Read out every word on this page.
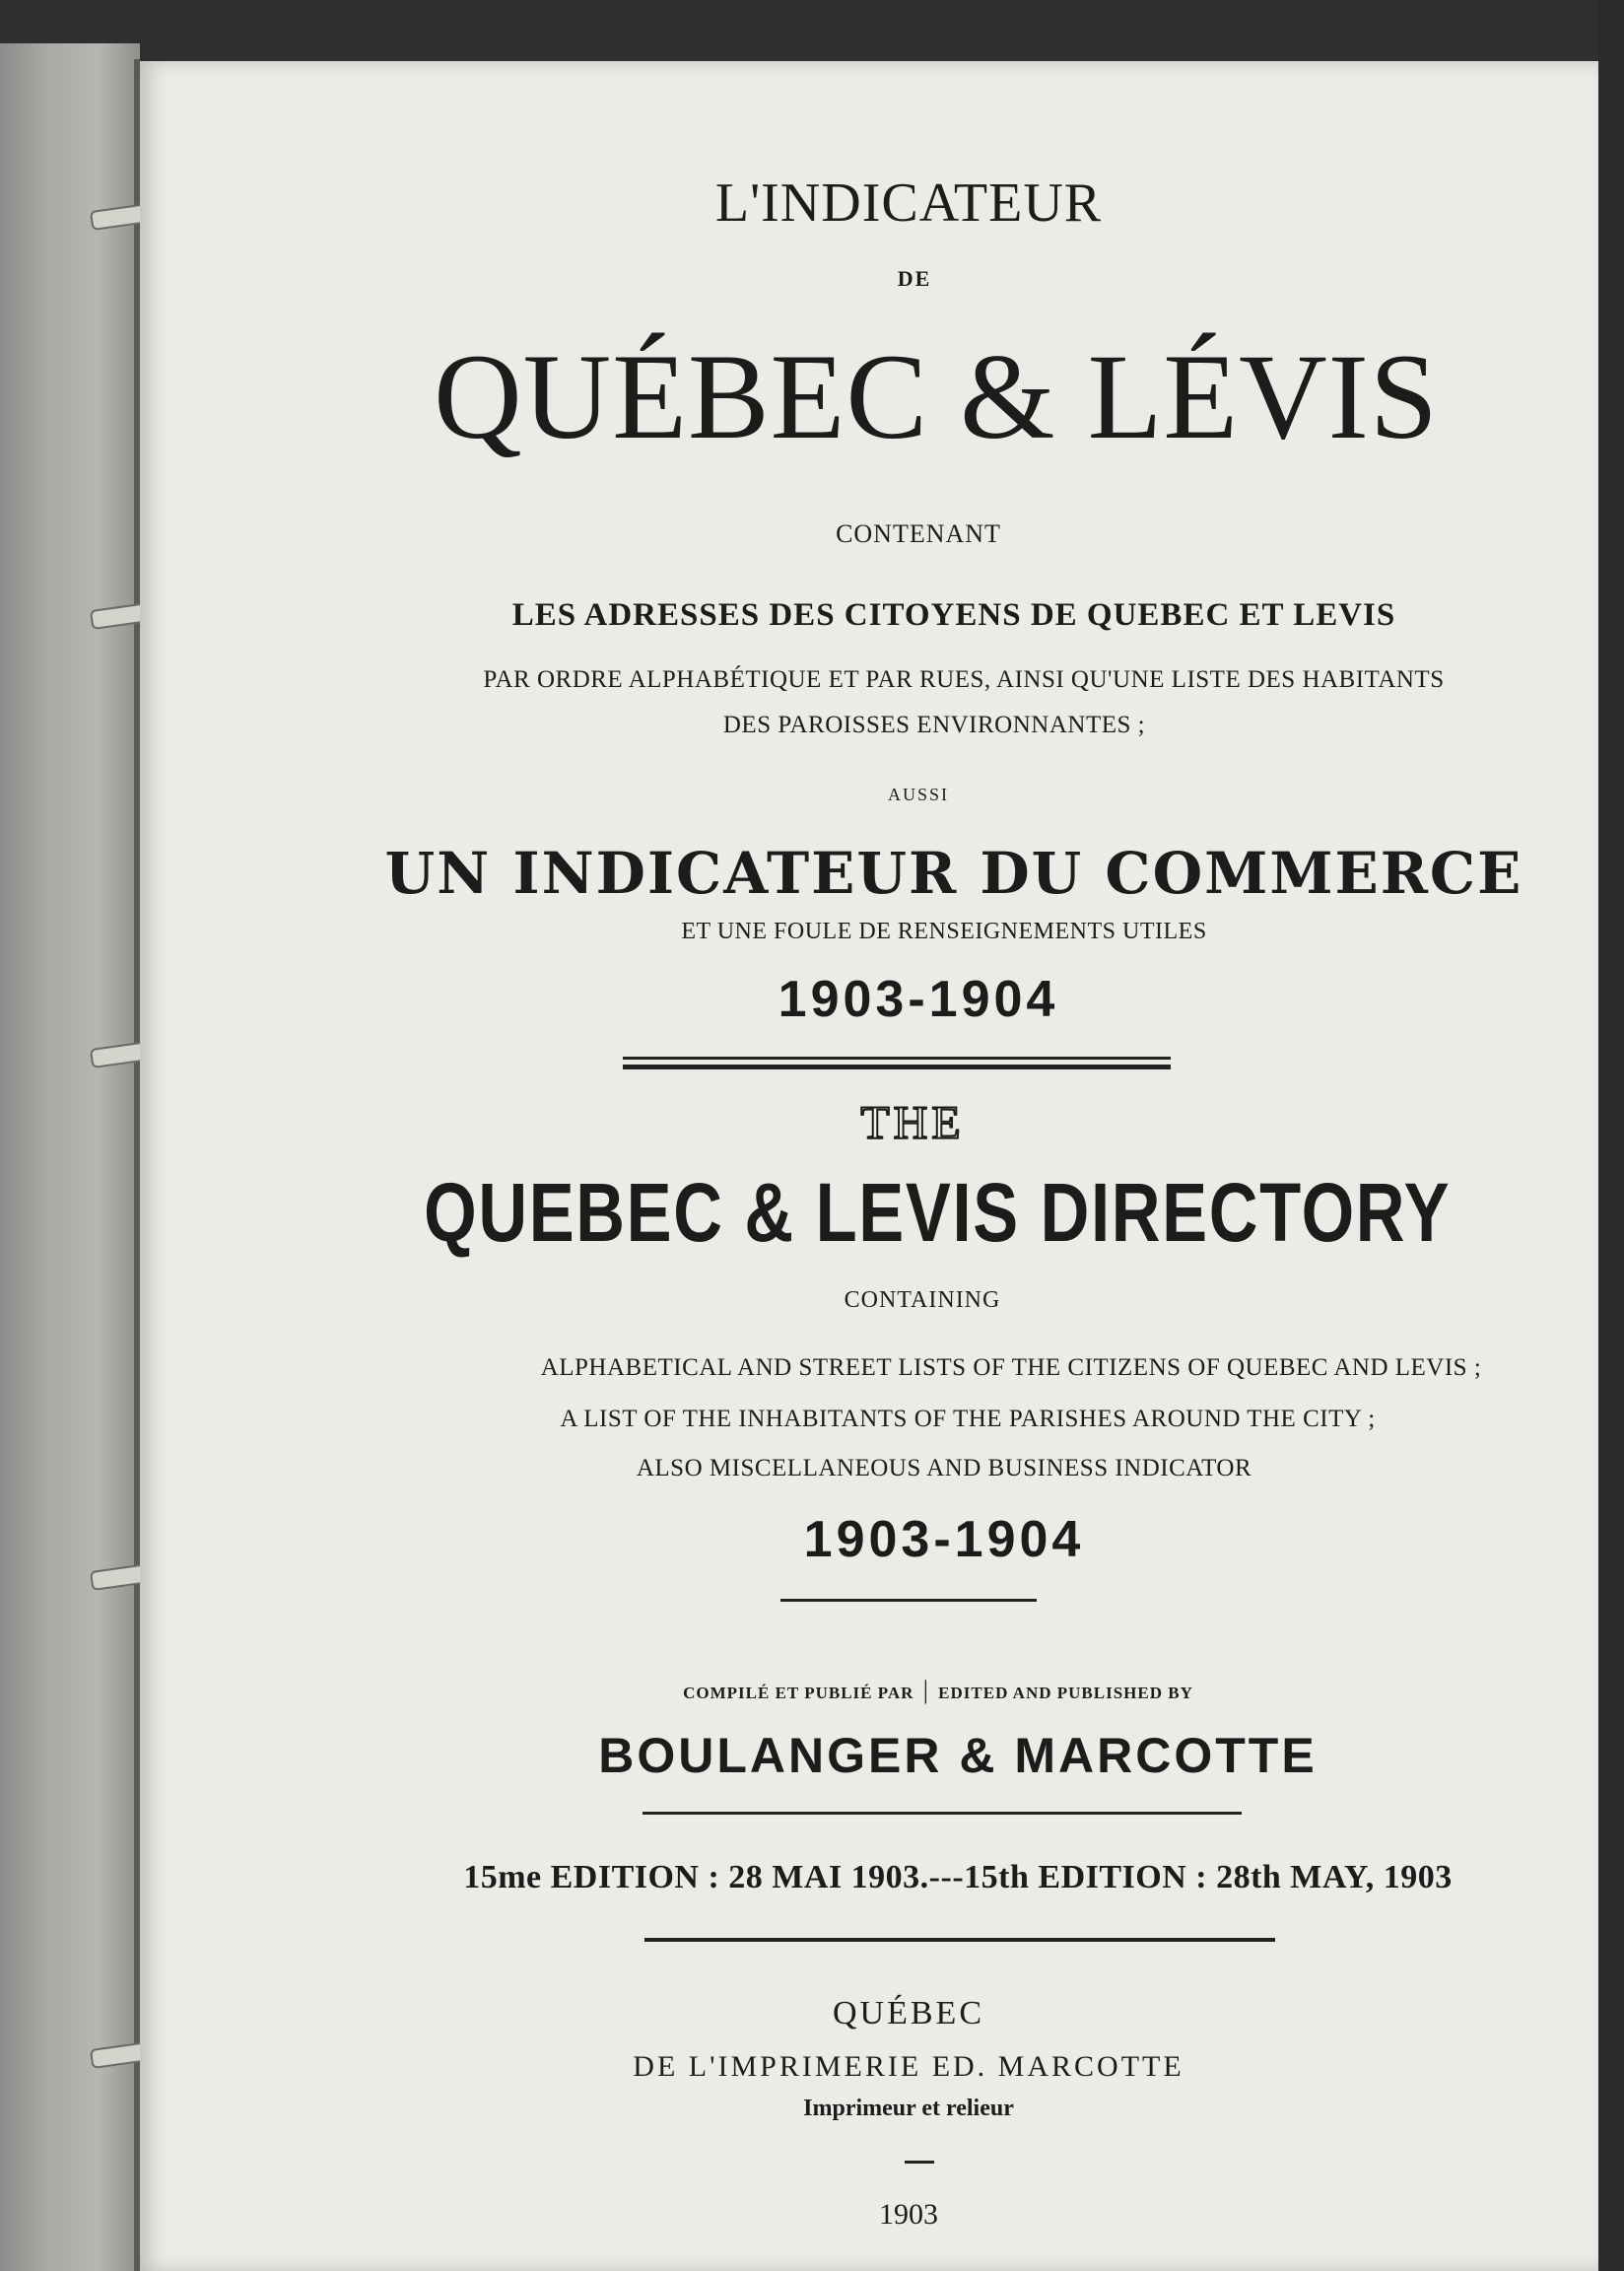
L'INDICATEUR
DE
QUÉBEC & LÉVIS
CONTENANT
LES ADRESSES DES CITOYENS DE QUEBEC ET LEVIS
PAR ORDRE ALPHABÉTIQUE ET PAR RUES, AINSI QU'UNE LISTE DES HABITANTS
DES PAROISSES ENVIRONNANTES ;
AUSSI
UN INDICATEUR DU COMMERCE
ET UNE FOULE DE RENSEIGNEMENTS UTILES
1903-1904
THE
QUEBEC & LEVIS DIRECTORY
CONTAINING
ALPHABETICAL AND STREET LISTS OF THE CITIZENS OF QUEBEC AND LEVIS ;
A LIST OF THE INHABITANTS OF THE PARISHES AROUND THE CITY ;
ALSO MISCELLANEOUS AND BUSINESS INDICATOR
1903-1904
COMPILÉ ET PUBLIÉ PAR | EDITED AND PUBLISHED BY
BOULANGER & MARCOTTE
15me EDITION : 28 MAI 1903.---15th EDITION : 28th MAY, 1903
QUÉBEC
DE L'IMPRIMERIE ED. MARCOTTE
Imprimeur et relieur
1903
